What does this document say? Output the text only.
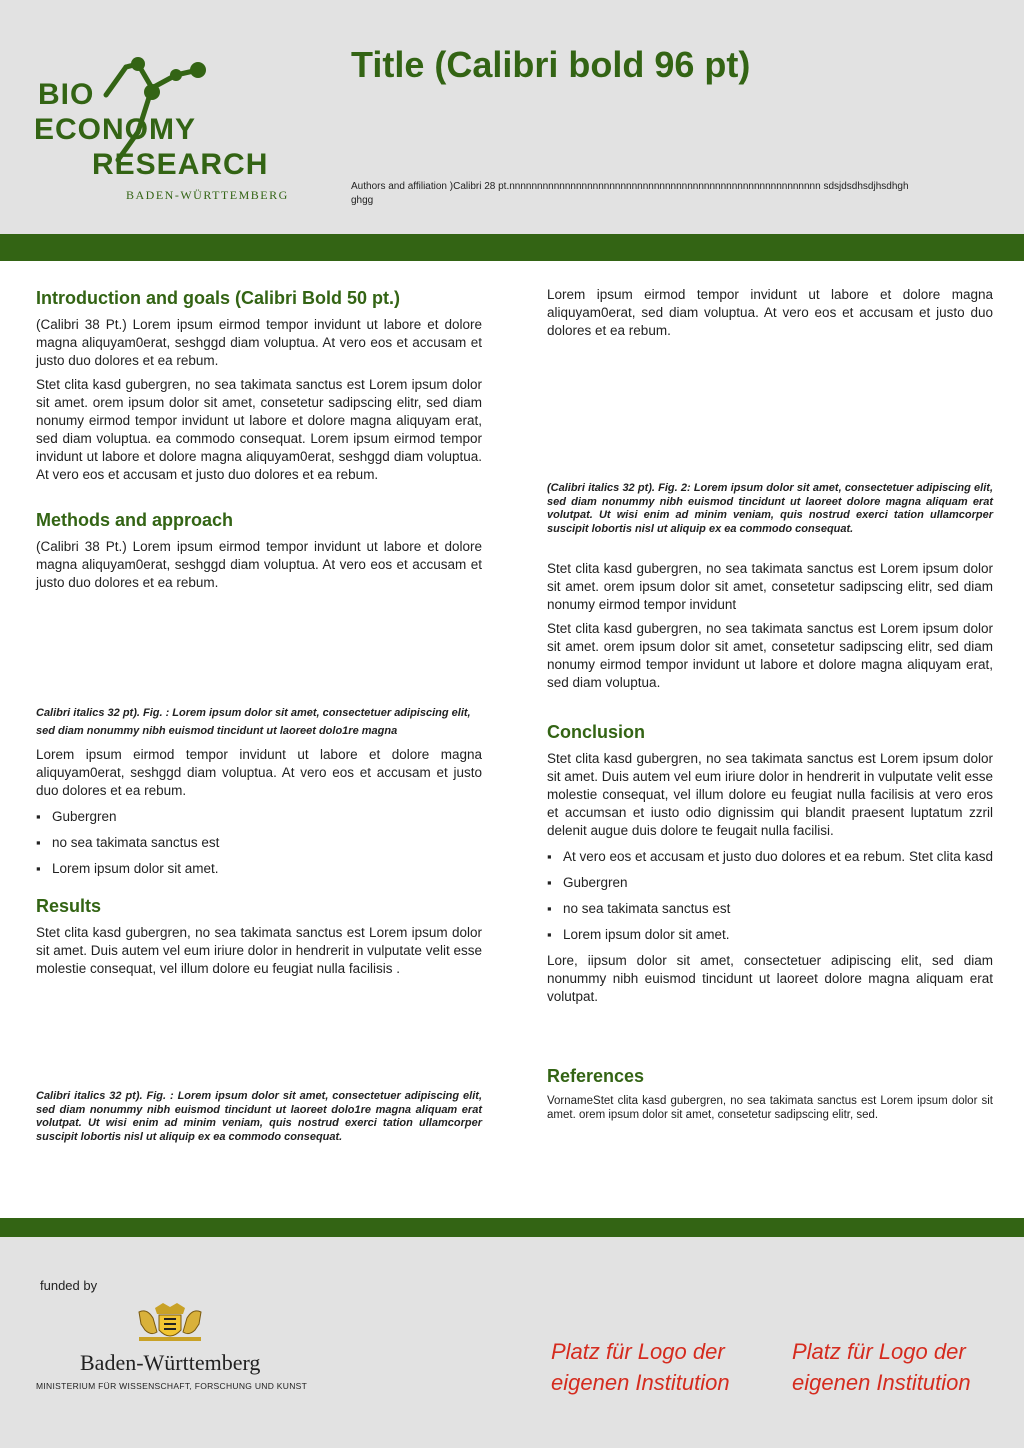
BIO
ECONOMY
RESEARCH
BADEN-WÜRTTEMBERG
Title (Calibri bold 96 pt)
Authors and affiliation )Calibri 28 pt.nnnnnnnnnnnnnnnnnnnnnnnnnnnnnnnnnnnnnnnnnnnnnnnnnnnnnnnn sdsjdsdhsdjhsdhghghgg
Introduction and goals (Calibri Bold 50 pt.)

(Calibri 38 Pt.) Lorem ipsum eirmod tempor invidunt ut labore et dolore magna aliquyam0erat, seshggd diam voluptua. At vero eos et accusam et justo duo dolores et ea rebum.

Stet clita kasd gubergren, no sea takimata sanctus est Lorem ipsum dolor sit amet. orem ipsum dolor sit amet, consetetur sadipscing elitr, sed diam nonumy eirmod tempor invidunt ut labore et dolore magna aliquyam erat, sed diam voluptua. ea commodo consequat. Lorem ipsum eirmod tempor invidunt ut labore et dolore magna aliquyam0erat, seshggd diam voluptua. At vero eos et accusam et justo duo dolores et ea rebum.

Methods and approach

(Calibri 38 Pt.) Lorem ipsum eirmod tempor invidunt ut labore et dolore magna aliquyam0erat, seshggd diam voluptua. At vero eos et accusam et justo duo dolores et ea rebum.

Calibri italics 32 pt). Fig. : Lorem ipsum dolor sit amet, consectetuer adipiscing elit, sed diam nonummy nibh euismod tincidunt ut laoreet dolo1re magna

Lorem ipsum eirmod tempor invidunt ut labore et dolore magna aliquyam0erat, seshggd diam voluptua. At vero eos et accusam et justo duo dolores et ea rebum.

▪ Gubergren
▪ no sea takimata sanctus est
▪ Lorem ipsum dolor sit amet.
Results

Stet clita kasd gubergren, no sea takimata sanctus est Lorem ipsum dolor sit amet. Duis autem vel eum iriure dolor in hendrerit in vulputate velit esse molestie consequat, vel illum dolore eu feugiat nulla facilisis .

Calibri italics 32 pt). Fig. : Lorem ipsum dolor sit amet, consectetuer adipiscing elit, sed diam nonummy nibh euismod tincidunt ut laoreet dolo1re magna aliquam erat volutpat. Ut wisi enim ad minim veniam, quis nostrud exerci tation ullamcorper suscipit lobortis nisl ut aliquip ex ea commodo consequat.

Lorem ipsum eirmod tempor invidunt ut labore et dolore magna aliquyam0erat, sed diam voluptua. At vero eos et accusam et justo duo dolores et ea rebum.

(Calibri italics 32 pt). Fig. 2: Lorem ipsum dolor sit amet, consectetuer adipiscing elit, sed diam nonummy nibh euismod tincidunt ut laoreet dolore magna aliquam erat volutpat. Ut wisi enim ad minim veniam, quis nostrud exerci tation ullamcorper suscipit lobortis nisl ut aliquip ex ea commodo consequat.

Stet clita kasd gubergren, no sea takimata sanctus est Lorem ipsum dolor sit amet. orem ipsum dolor sit amet, consetetur sadipscing elitr, sed diam nonumy eirmod tempor invidunt

Stet clita kasd gubergren, no sea takimata sanctus est Lorem ipsum dolor sit amet. orem ipsum dolor sit amet, consetetur sadipscing elitr, sed diam nonumy eirmod tempor invidunt ut labore et dolore magna aliquyam erat, sed diam voluptua.

Conclusion

Stet clita kasd gubergren, no sea takimata sanctus est Lorem ipsum dolor sit amet. Duis autem vel eum iriure dolor in hendrerit in vulputate velit esse molestie consequat, vel illum dolore eu feugiat nulla facilisis at vero eros et accumsan et iusto odio dignissim qui blandit praesent luptatum zzril delenit augue duis dolore te feugait nulla facilisi.

▪ At vero eos et accusam et justo duo dolores et ea rebum. Stet clita kasd
▪ Gubergren
▪ no sea takimata sanctus est
▪ Lorem ipsum dolor sit amet.

Lore, iipsum dolor sit amet, consectetuer adipiscing elit, sed diam nonummy nibh euismod tincidunt ut laoreet dolore magna aliquam erat volutpat.

References
VornameStet clita kasd gubergren, no sea takimata sanctus est Lorem ipsum dolor sit amet. orem ipsum dolor sit amet, consetetur sadipscing elitr, sed.
funded by
Baden-Württemberg
MINISTERIUM FÜR WISSENSCHAFT, FORSCHUNG UND KUNST
Platz für Logo der eigenen Institution
Platz für Logo der eigenen Institution
